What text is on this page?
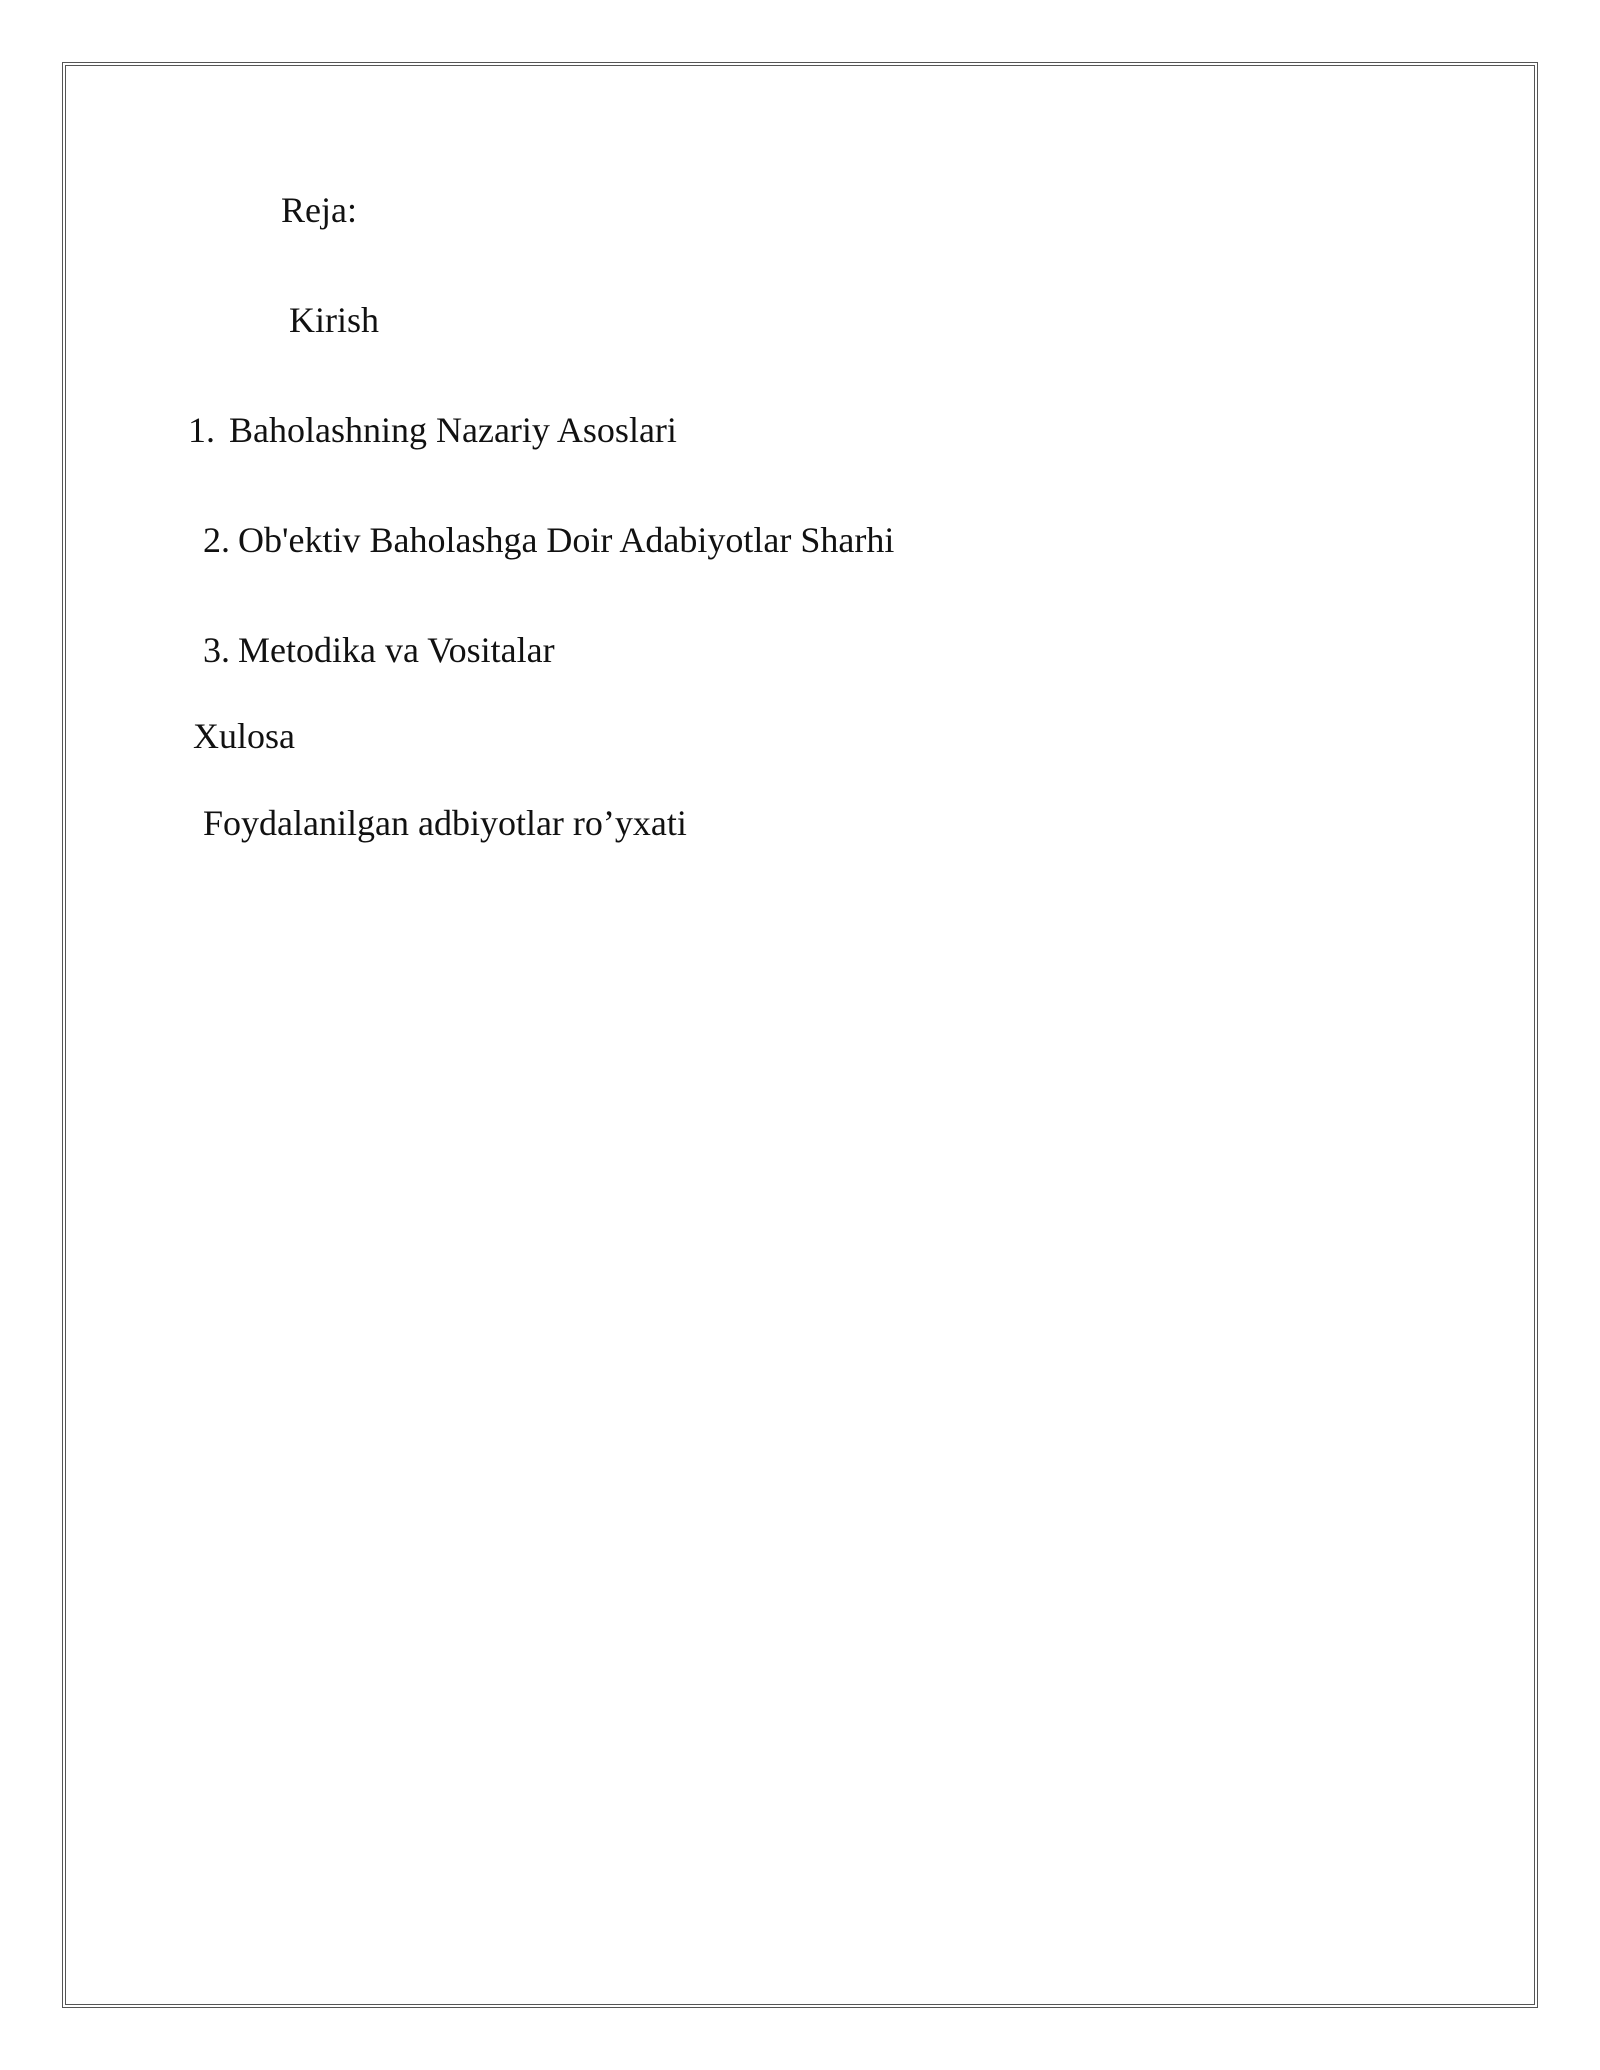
Reja:
Kirish
1. Baholashning Nazariy Asoslari
2. Ob'ektiv Baholashga Doir Adabiyotlar Sharhi
3. Metodika va Vositalar
Xulosa
Foydalanilgan adbiyotlar ro’yxati
